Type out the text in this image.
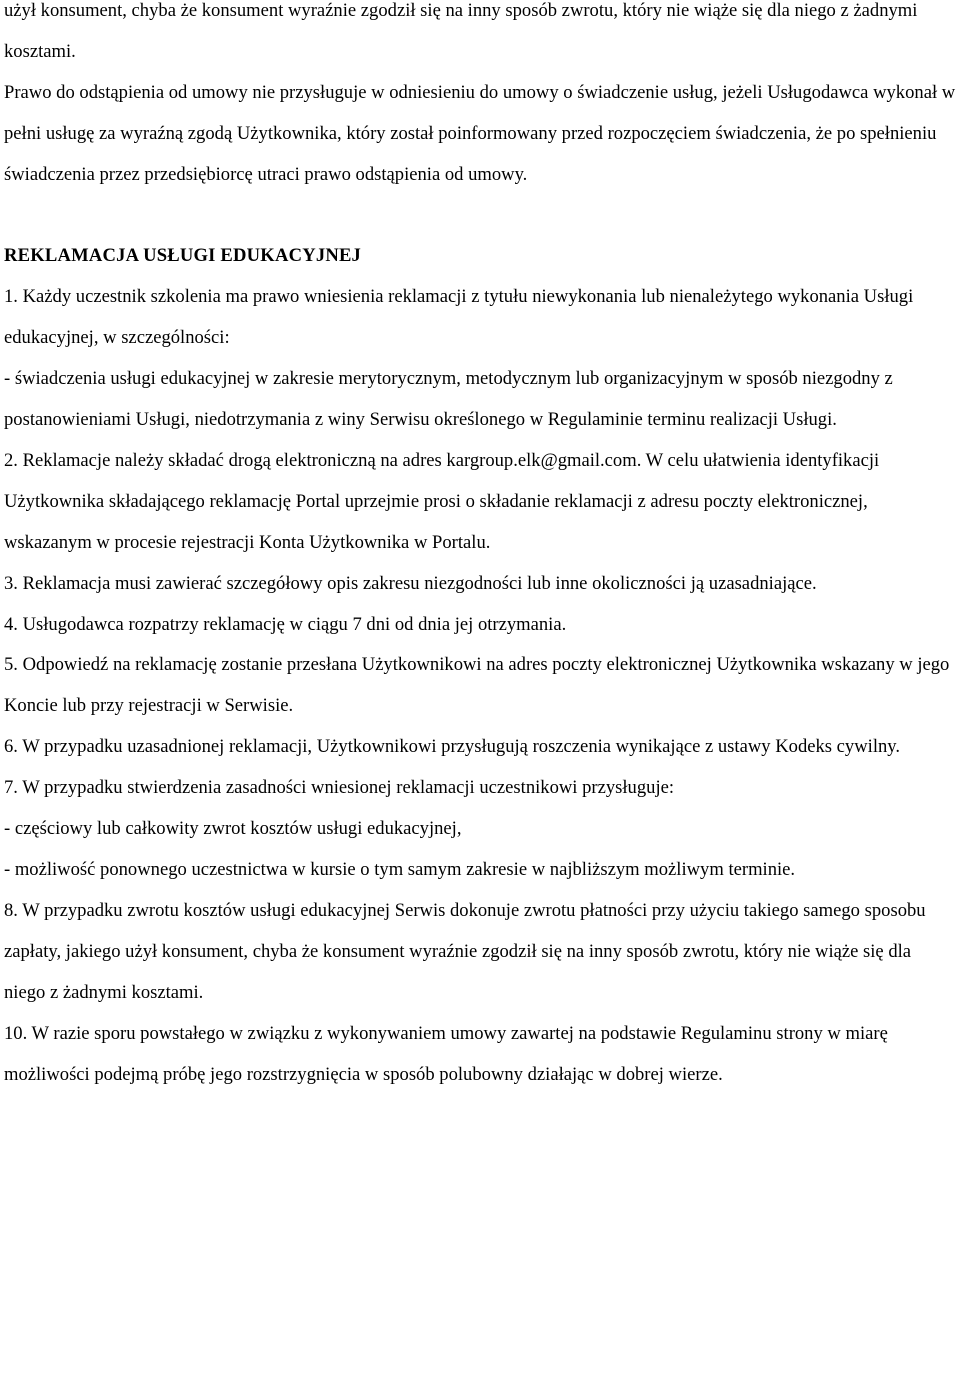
użył konsument, chyba że konsument wyraźnie zgodził się na inny sposób zwrotu, który nie wiąże się dla niego z żadnymi kosztami.

Prawo do odstąpienia od umowy nie przysługuje w odniesieniu do umowy o świadczenie usług, jeżeli Usługodawca wykonał w pełni usługę za wyraźną zgodą Użytkownika, który został poinformowany przed rozpoczęciem świadczenia, że po spełnieniu świadczenia przez przedsiębiorcę utraci prawo odstąpienia od umowy.

REKLAMACJA USŁUGI EDUKACYJNEJ

1. Każdy uczestnik szkolenia ma prawo wniesienia reklamacji z tytułu niewykonania lub nienależytego wykonania Usługi edukacyjnej, w szczególności:

- świadczenia usługi edukacyjnej w zakresie merytorycznym, metodycznym lub organizacyjnym w sposób niezgodny z postanowieniami Usługi, niedotrzymania z winy Serwisu określonego w Regulaminie terminu realizacji Usługi.

2. Reklamacje należy składać drogą elektroniczną na adres kargroup.elk@gmail.com. W celu ułatwienia identyfikacji Użytkownika składającego reklamację Portal uprzejmie prosi o składanie reklamacji z adresu poczty elektronicznej, wskazanym w procesie rejestracji Konta Użytkownika w Portalu.

3. Reklamacja musi zawierać szczegółowy opis zakresu niezgodności lub inne okoliczności ją uzasadniające.

4. Usługodawca rozpatrzy reklamację w ciągu 7 dni od dnia jej otrzymania.

5. Odpowiedź na reklamację zostanie przesłana Użytkownikowi na adres poczty elektronicznej Użytkownika wskazany w jego Koncie lub przy rejestracji w Serwisie.

6. W przypadku uzasadnionej reklamacji, Użytkownikowi przysługują roszczenia wynikające z ustawy Kodeks cywilny.

7. W przypadku stwierdzenia zasadności wniesionej reklamacji uczestnikowi przysługuje:

- częściowy lub całkowity zwrot kosztów usługi edukacyjnej,

- możliwość ponownego uczestnictwa w kursie o tym samym zakresie w najbliższym możliwym terminie.

8. W przypadku zwrotu kosztów usługi edukacyjnej Serwis dokonuje zwrotu płatności przy użyciu takiego samego sposobu zapłaty, jakiego użył konsument, chyba że konsument wyraźnie zgodził się na inny sposób zwrotu, który nie wiąże się dla niego z żadnymi kosztami.

10. W razie sporu powstałego w związku z wykonywaniem umowy zawartej na podstawie Regulaminu strony w miarę możliwości podejmą próbę jego rozstrzygnięcia w sposób polubowny działając w dobrej wierze.
